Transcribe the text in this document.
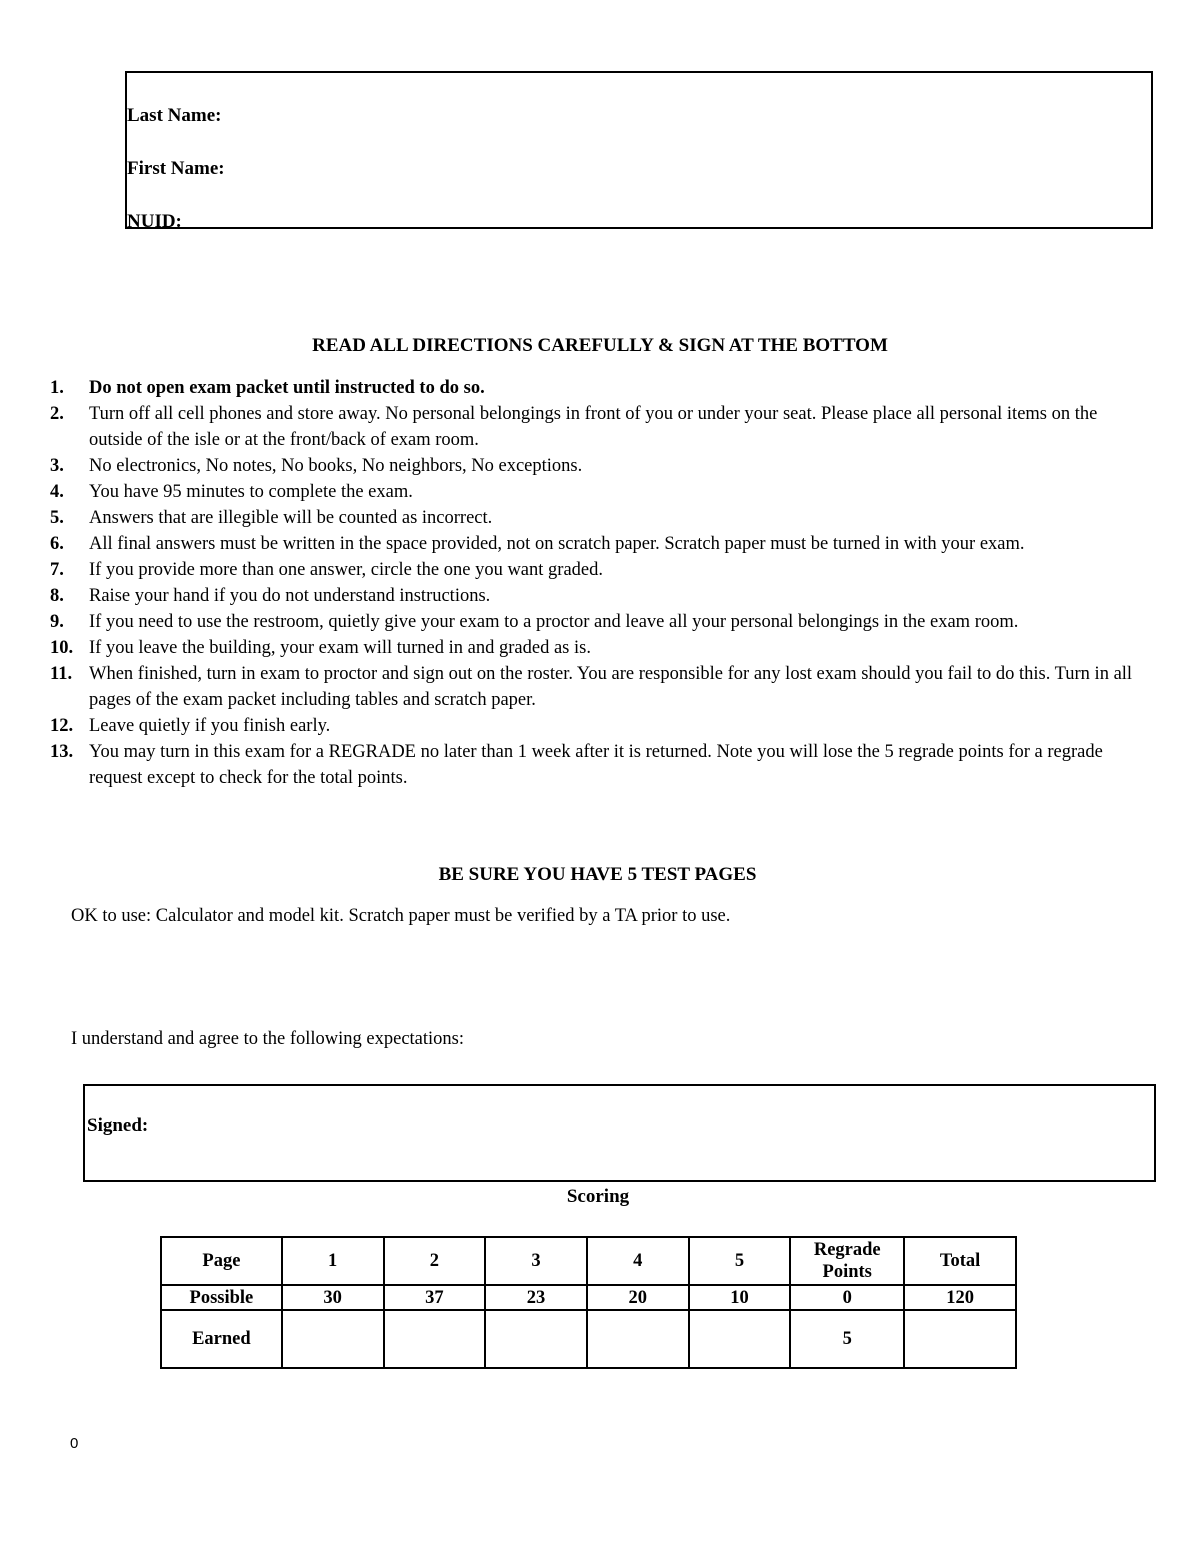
Last Name:
First Name:
NUID:
READ ALL DIRECTIONS CAREFULLY & SIGN AT THE BOTTOM
1. Do not open exam packet until instructed to do so.
2. Turn off all cell phones and store away. No personal belongings in front of you or under your seat. Please place all personal items on the outside of the isle or at the front/back of exam room.
3. No electronics, No notes, No books, No neighbors, No exceptions.
4. You have 95 minutes to complete the exam.
5. Answers that are illegible will be counted as incorrect.
6. All final answers must be written in the space provided, not on scratch paper. Scratch paper must be turned in with your exam.
7. If you provide more than one answer, circle the one you want graded.
8. Raise your hand if you do not understand instructions.
9. If you need to use the restroom, quietly give your exam to a proctor and leave all your personal belongings in the exam room.
10. If you leave the building, your exam will turned in and graded as is.
11. When finished, turn in exam to proctor and sign out on the roster. You are responsible for any lost exam should you fail to do this. Turn in all pages of the exam packet including tables and scratch paper.
12. Leave quietly if you finish early.
13. You may turn in this exam for a REGRADE no later than 1 week after it is returned. Note you will lose the 5 regrade points for a regrade request except to check for the total points.
BE SURE YOU HAVE 5 TEST PAGES
OK to use: Calculator and model kit. Scratch paper must be verified by a TA prior to use.
I understand and agree to the following expectations:
Signed:
Scoring
Page	1	2	3	4	5	Regrade Points	Total
Possible	30	37	23	20	10	0	120
Earned						5	
0
